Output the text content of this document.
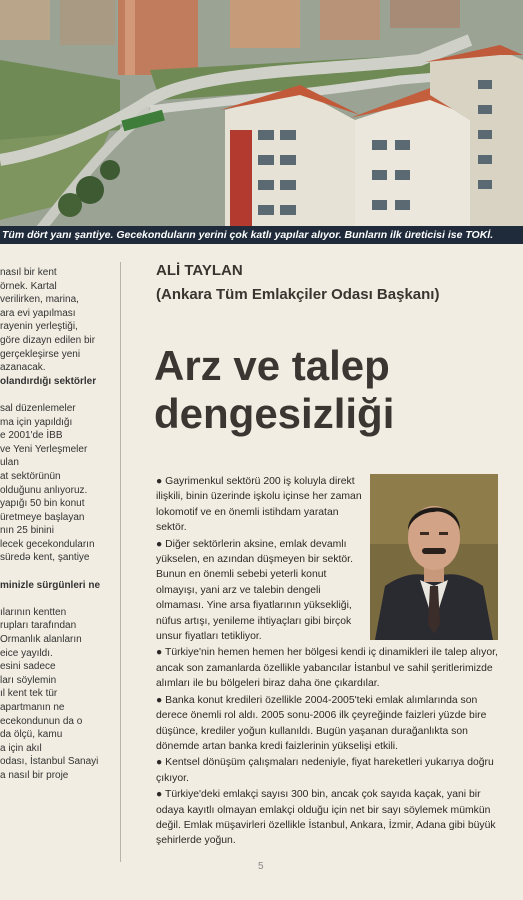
Tüm dört yanı şantiye. Gecekonduların yerini çok katlı yapılar alıyor. Bunların ilk üreticisi ise TOKİ.
nasıl bir kent
örnek. Kartal
verilirken, marina,
ara evi yapılması
rayenin yerleştiği,
göre dizayn edilen bir
gerçekleşirse yeni
azanacak.
olandırdığı sektörler

sal düzenlemeler
ma için yapıldığı
e 2001'de İBB
ve Yeni Yerleşmeler
ulan
at sektörünün
olduğunu anlıyoruz.
yapığı 50 bin konut
üretmeye başlayan
nın 25 binini
lecek gecekonduların
süredə kent, şantiye

minizle sürgünleri ne

ılarının kentten
rupları tarafından
Ormanlık alanların
eice yayıldı.
esini sadece
ları söylemin
ıl kent tek tür
apartmanın ne
ecekondunun da o
da ölçü, kamu
a için akıl
odası, İstanbul Sanayi
a nasıl bir proje
ALİ TAYLAN
(Ankara Tüm Emlakçiler Odası Başkanı)
Arz ve talep
dengesizliği

● Gayrimenkul sektörü 200 iş koluyla direkt ilişkili, binin üzerinde işkolu içinse her zaman lokomotif ve en önemli istihdam yaratan sektör.

● Diğer sektörlerin aksine, emlak devamlı yükselen, en azından düşmeyen bir sektör. Bunun en önemli sebebi yeterli konut olmayışı, yani arz ve talebin dengeli olmaması. Yine arsa fiyatlarının yüksekliği, nüfus artışı, yenileme ihtiyaçları gibi birçok unsur fiyatları tetikliyor.

● Türkiye'nin hemen hemen her bölgesi kendi iç dinamikleri ile talep alıyor, ancak son zamanlarda özellikle yabancılar İstanbul ve sahil şeritlerimizde alımları ile bu bölgeleri biraz daha öne çıkardılar.

● Banka konut kredileri özellikle 2004-2005'teki emlak alımlarında son derece önemli rol aldı. 2005 sonu-2006 ilk çeyreğinde faizleri yüzde bire düşünce, krediler yoğun kullanıldı. Bugün yaşanan durağanlıkta son dönemde artan banka kredi faizlerinin yükselişi etkili.

● Kentsel dönüşüm çalışmaları nedeniyle, fiyat hareketleri yukarıya doğru çıkıyor.

● Türkiye'deki emlakçi sayısı 300 bin, ancak çok sayıda kaçak, yani bir odaya kayıtlı olmayan emlakçi olduğu için net bir sayı söylemek mümkün değil. Emlak müşavirleri özellikle İstanbul, Ankara, İzmir, Adana gibi büyük şehirlerde yoğun.

5
